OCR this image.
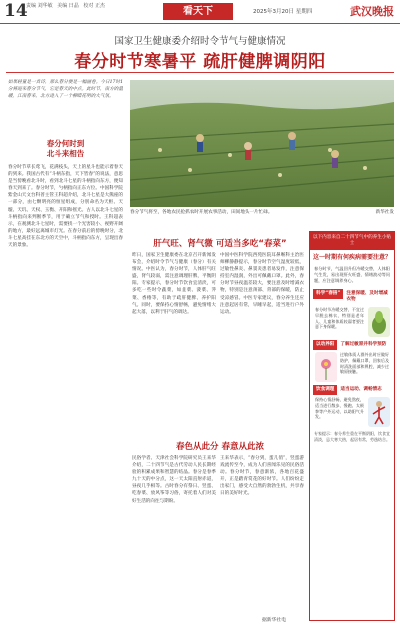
14
责编 刘华敏 美编 曰晶 校对 正杰	看天下	2025年3月20日 星期四	武汉晚报
国家卫生健康委介绍时令节气与健康情况
春分时节寒暑平 疏肝健脾调阴阳
如果轻量是一首诗，那么春分便是一幅画卷。今日17时1分将迎来春分节气，它是春天的中点。此时节，南方的温暖，江南春来，北方进入了一个柳暗花明的大气氛。
春分何时到
北斗来相告
春分时节草长莺飞，花满枝头，天上的星斗也能示着春天的到来。我国古代有“斗柄东指，天下皆春”的说法，意思是当傍晚看北斗时，看到北斗七星的斗柄指向东方，便知春天到来了。春分时节，勺柄指向正东方位。中国科学院紫金山天文台科普主管王科超介绍，北斗七星是大熊座的一部分，由七颗明亮的恒星组成，分别命名为天枢、天璇、天玑、天权、玉衡、开阳和摇光。古人以北斗七星的斗柄指向来判断季节，用于确立节气和授时。王科超表示，在观测北斗七星时，需要找一个光害较小、视野开阔的地方，最好远离城市灯光。在春分前后的傍晚时分，北斗七星高挂在东北方的天空中，斗柄指向东方，呈现出春天的景象。
春分节气将至，各地农民抢抓农时开展农事活动，田间地头一片忙碌。	新华社发
肝气旺、肾气微 可适当多吃“春菜”
昨日，国家卫生健康委在北京召开新闻发布会，介绍时令节气与健康（春分）有关情况。中医认为，春分时节，人体肝气旺盛，肾气较弱，需注意调理肝脾，平衡阴阳。专家提示，春分时节饮食宜清淡，可多吃一些时令蔬菜，如韭菜、菠菜、荠菜、香椿等，有助于疏肝健脾、养护阳气。同时，要保持心情舒畅，避免情绪大起大落，以利于肝气的调达。
中国中医科学院西苑医院耳鼻喉科主治医师柳静静提示，春分时节空气湿度较低，过敏性鼻炎、鼻窦炎患者易发作，注意保持室内湿润，外出可佩戴口罩。此外，春分时节昼夜温差较大，要注意及时增减衣物，特别是注意颈部、背部的保暖，防止受凉感冒。中医专家建议，春分养生还应注意起居有常，早睡早起，适当进行户外运动。
春色从此分 春意从此浓
民俗学者、天津社会科学院研究员王来华介绍，二十四节气是古代劳动人民长期经验的积累成果和智慧的结晶。春分是春季九十天的中分点，这一天太阳直射赤道，昼夜几乎相等。古时春分有祭日、竖蛋、吃春菜、放风筝等习俗，寄托着人们对美好生活的向往与期盼。
王来华表示，“春分到，蛋儿俏”，竖蛋游戏流传至今，成为人们喜闻乐见的民俗活动。春分时节，春意渐浓，各地百花盛开，正是踏青赏花的好时节。人们纷纷走出家门，感受大自然的勃勃生机，共享春日的美好时光。
据新华社电
以下内容来自二十四节气中的养生小贴士
这一时期有何疾病需要注意？
春分时节，气温回升但冷暖交替，人体阳气生发，易出现肝火旺盛、情绪波动等问题，应注意调养身心。
科学“春捂”	注意保暖、及时增减衣物
春分时节冷暖交替，不宜过早脱去棉衣，特别是老年人、儿童和体质较弱者要注意下身保暖。
以动养阳	了解过敏原并科学预防
过敏体质人群外出时应做好防护，佩戴口罩，回家后及时清洗面部和鼻腔，减少过敏原接触。
饮食调理	适当运动、调畅情志
保持心情舒畅，避免熬夜，适当进行散步、慢跑、太极拳等户外运动，以助阳气升发。
专家提示：春分养生重在平衡阴阳，饮食宜清淡，忌大寒大热，起居有常，劳逸结合。
